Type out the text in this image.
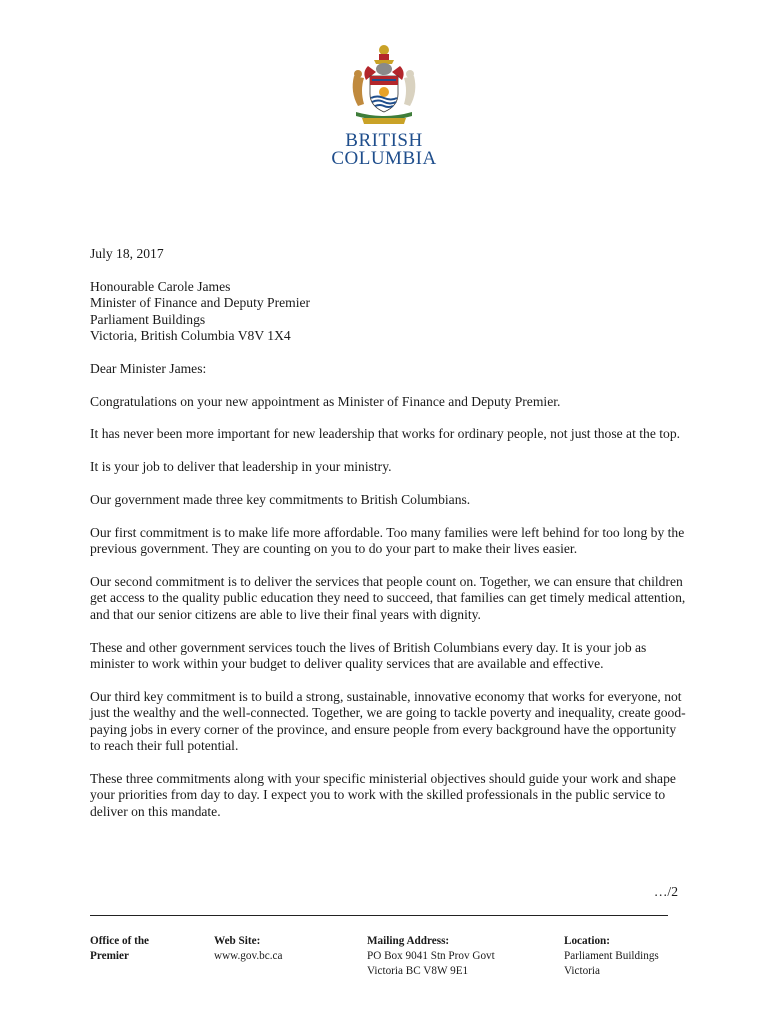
BRITISH
COLUMBIA

July 18, 2017

Honourable Carole James

Minister of Finance and Deputy Premier

Parliament Buildings

Victoria, British Columbia V8V 1X4

Dear Minister James:

Congratulations on your new appointment as Minister of Finance and Deputy Premier.

It has never been more important for new leadership that works for ordinary people, not just those at the top.

It is your job to deliver that leadership in your ministry.

Our government made three key commitments to British Columbians.

Our first commitment is to make life more affordable. Too many families were left behind for too long by the previous government. They are counting on you to do your part to make their lives easier.

Our second commitment is to deliver the services that people count on. Together, we can ensure that children get access to the quality public education they need to succeed, that families can get timely medical attention, and that our senior citizens are able to live their final years with dignity.

These and other government services touch the lives of British Columbians every day. It is your job as minister to work within your budget to deliver quality services that are available and effective.

Our third key commitment is to build a strong, sustainable, innovative economy that works for everyone, not just the wealthy and the well-connected. Together, we are going to tackle poverty and inequality, create good-paying jobs in every corner of the province, and ensure people from every background have the opportunity to reach their full potential.

These three commitments along with your specific ministerial objectives should guide your work and shape your priorities from day to day. I expect you to work with the skilled professionals in the public service to deliver on this mandate.

…/2
Office of the
Premier
Web Site:
www.gov.bc.ca
Mailing Address:
PO Box 9041 Stn Prov Govt
Victoria BC V8W 9E1
Location:
Parliament Buildings
Victoria
